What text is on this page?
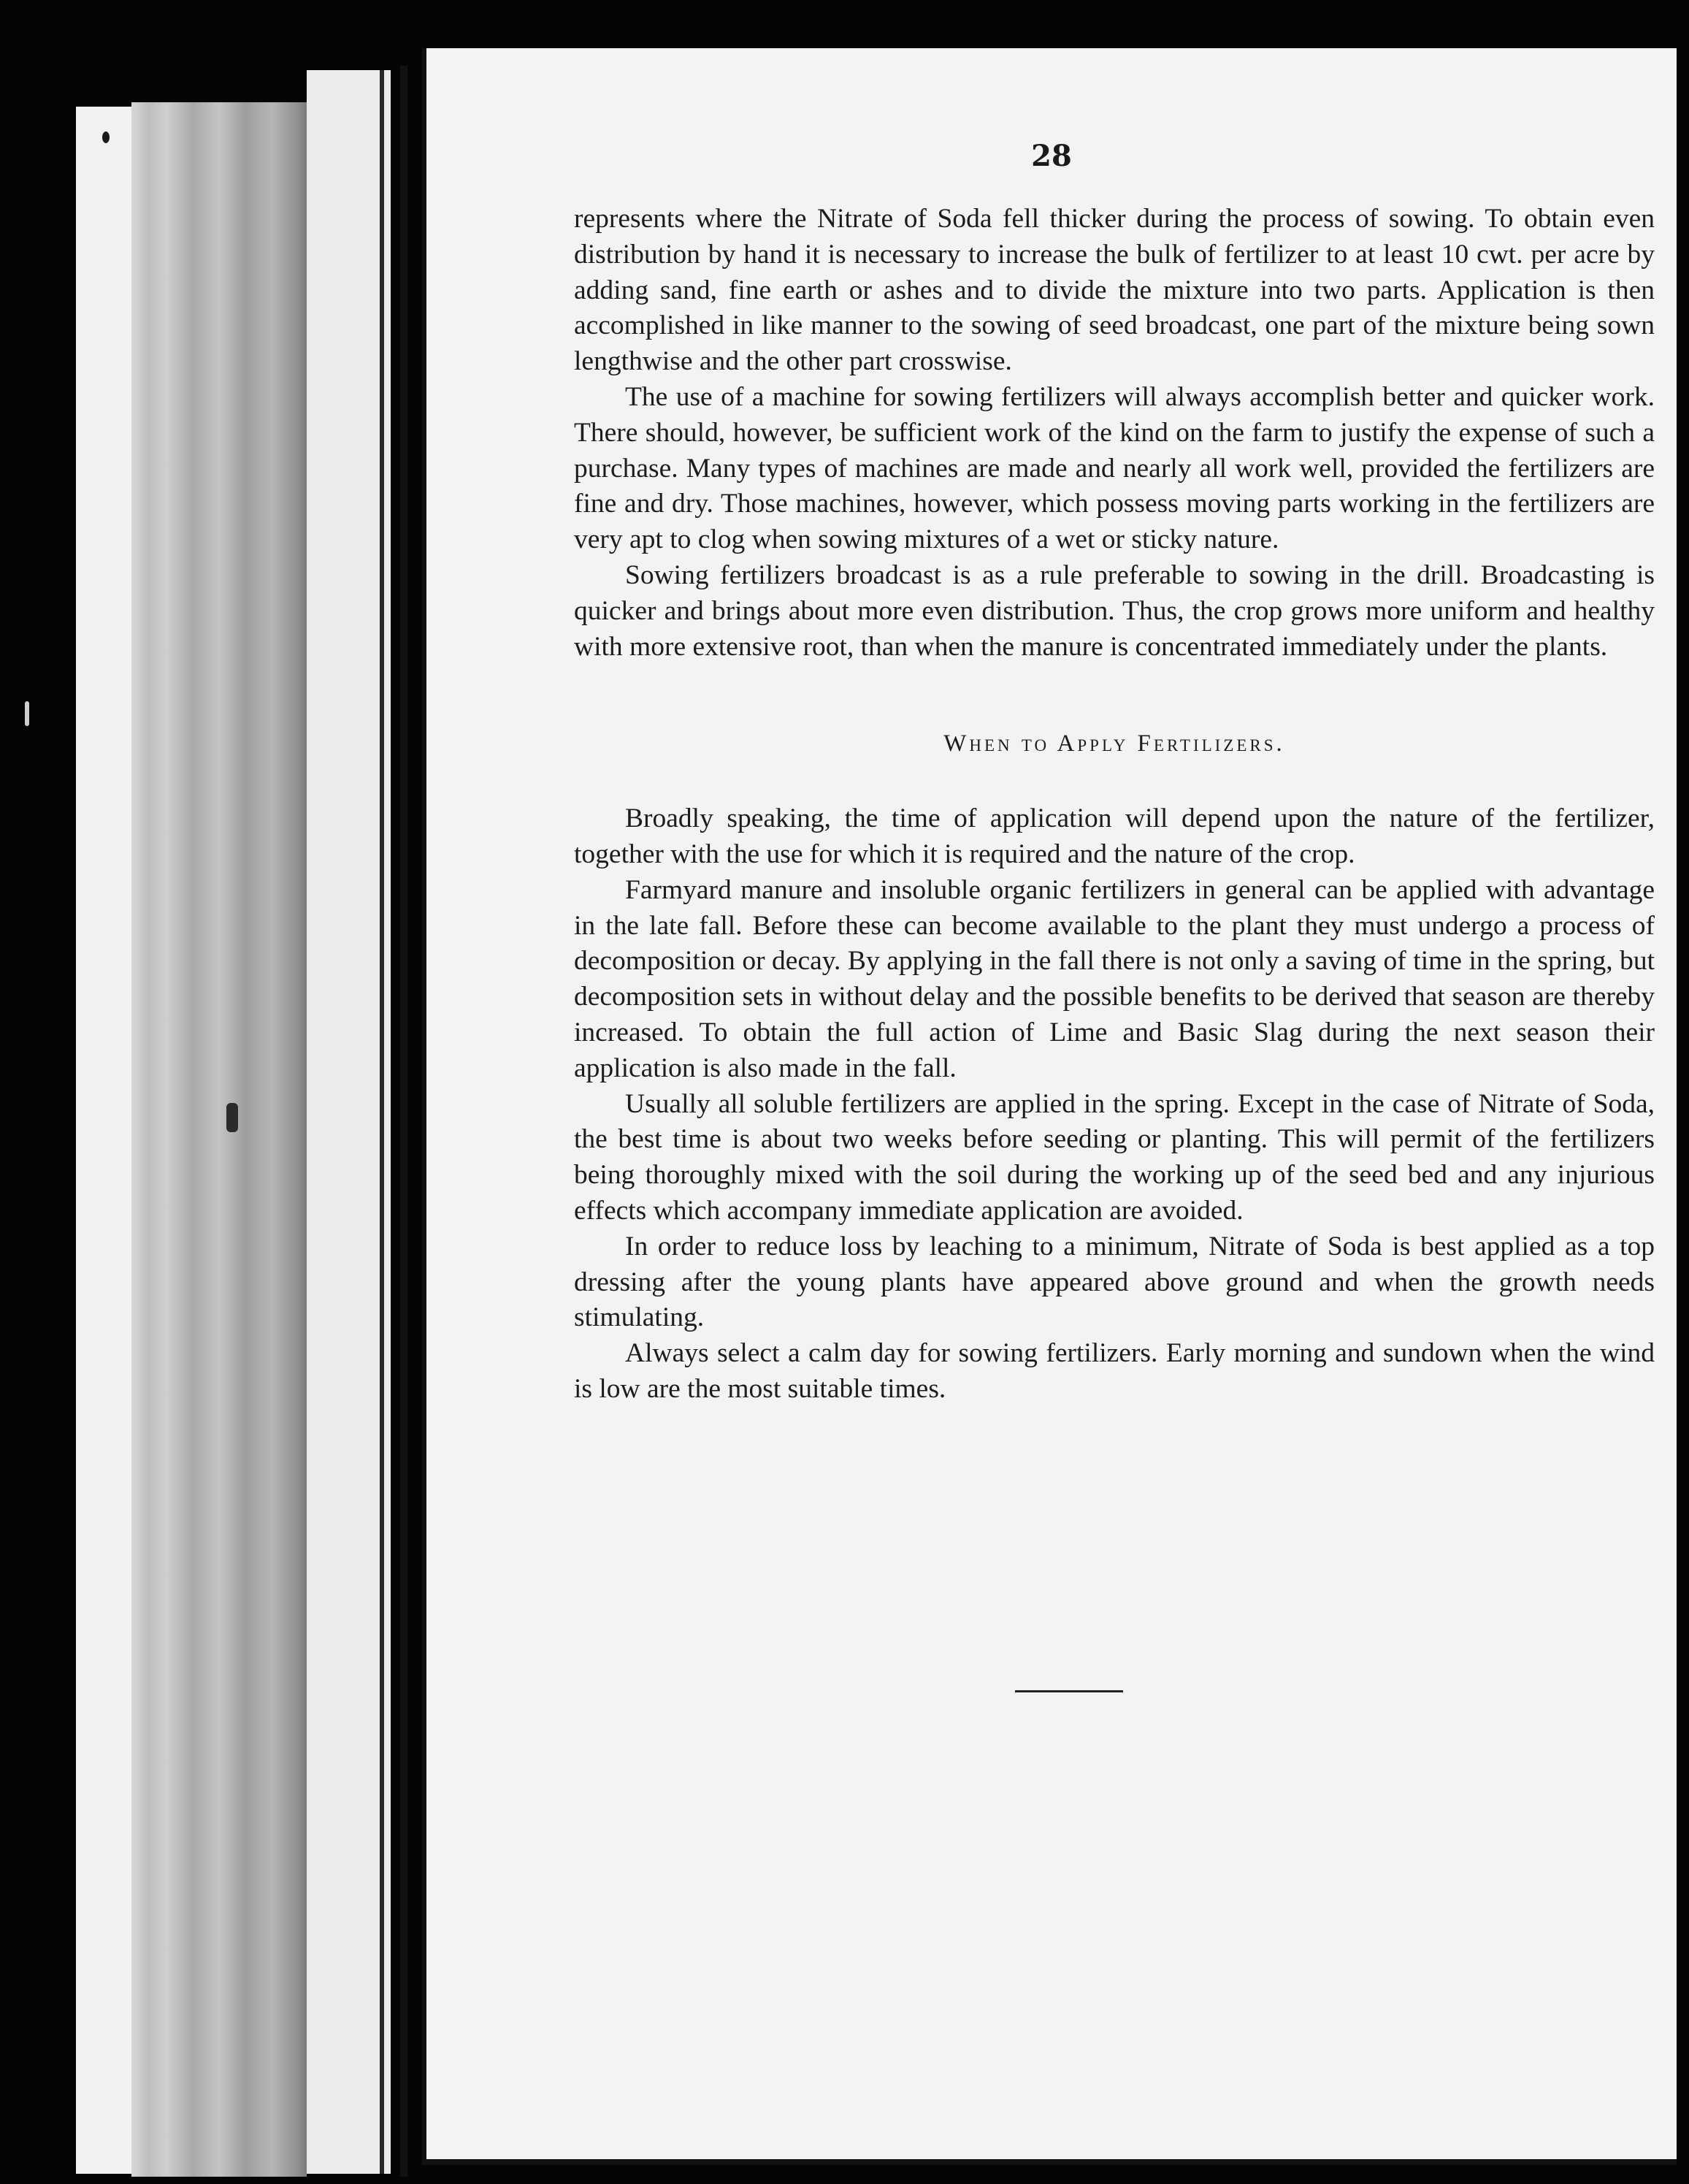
28

represents where the Nitrate of Soda fell thicker during the process of sowing. To obtain even distribution by hand it is necessary to increase the bulk of fertilizer to at least 10 cwt. per acre by adding sand, fine earth or ashes and to divide the mixture into two parts. Application is then accomplished in like manner to the sowing of seed broadcast, one part of the mixture being sown lengthwise and the other part crosswise.

The use of a machine for sowing fertilizers will always accomplish better and quicker work. There should, however, be sufficient work of the kind on the farm to justify the expense of such a purchase. Many types of machines are made and nearly all work well, provided the fertilizers are fine and dry. Those machines, however, which possess moving parts working in the fertilizers are very apt to clog when sowing mixtures of a wet or sticky nature.

Sowing fertilizers broadcast is as a rule preferable to sowing in the drill. Broadcasting is quicker and brings about more even distribution. Thus, the crop grows more uniform and healthy with more extensive root, than when the manure is concentrated immediately under the plants.

When to Apply Fertilizers.

Broadly speaking, the time of application will depend upon the nature of the fertilizer, together with the use for which it is required and the nature of the crop.

Farmyard manure and insoluble organic fertilizers in general can be applied with advantage in the late fall. Before these can become available to the plant they must undergo a process of decomposition or decay. By applying in the fall there is not only a saving of time in the spring, but decomposition sets in without delay and the possible benefits to be derived that season are thereby increased. To obtain the full action of Lime and Basic Slag during the next season their application is also made in the fall.

Usually all soluble fertilizers are applied in the spring. Except in the case of Nitrate of Soda, the best time is about two weeks before seeding or planting. This will permit of the fertilizers being thoroughly mixed with the soil during the working up of the seed bed and any injurious effects which accompany immediate application are avoided.

In order to reduce loss by leaching to a minimum, Nitrate of Soda is best applied as a top dressing after the young plants have appeared above ground and when the growth needs stimulating.

Always select a calm day for sowing fertilizers. Early morning and sundown when the wind is low are the most suitable times.
